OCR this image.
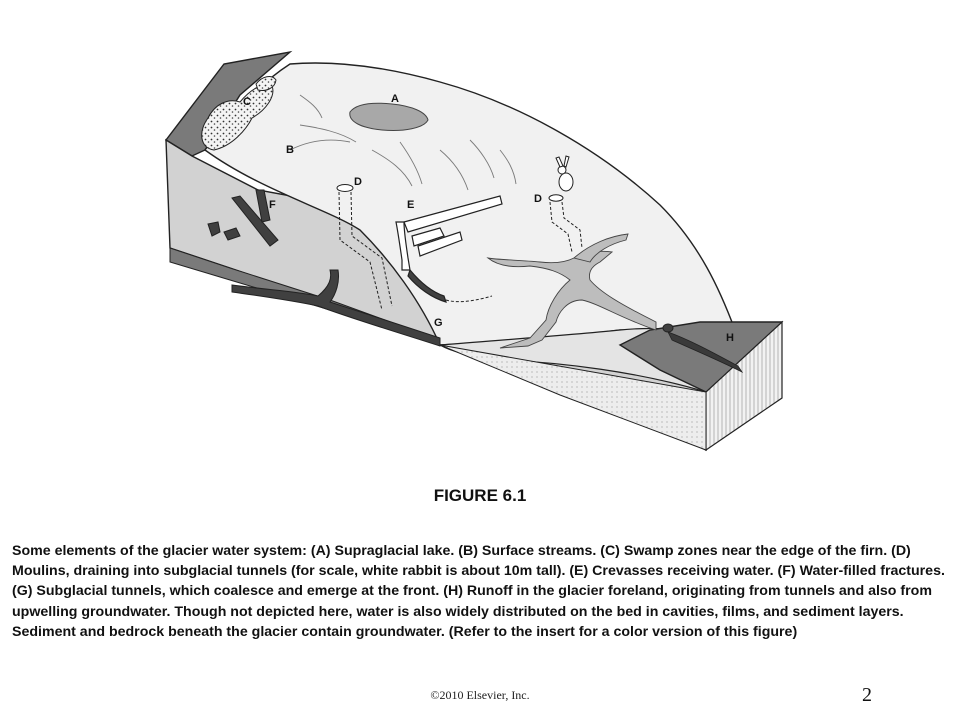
A
B
C
D
D
E
F
G
H
FIGURE 6.1

Some elements of the glacier water system: (A) Supraglacial lake. (B) Surface streams. (C) Swamp zones near the edge of the firn. (D) Moulins, draining into subglacial tunnels (for scale, white rabbit is about 10m tall). (E) Crevasses receiving water. (F) Water-filled fractures. (G) Subglacial tunnels, which coalesce and emerge at the front. (H) Runoff in the glacier foreland, originating from tunnels and also from upwelling groundwater. Though not depicted here, water is also widely distributed on the bed in cavities, films, and sediment layers. Sediment and bedrock beneath the glacier contain groundwater. (Refer to the insert for a color version of this figure)

©2010 Elsevier, Inc.	2
